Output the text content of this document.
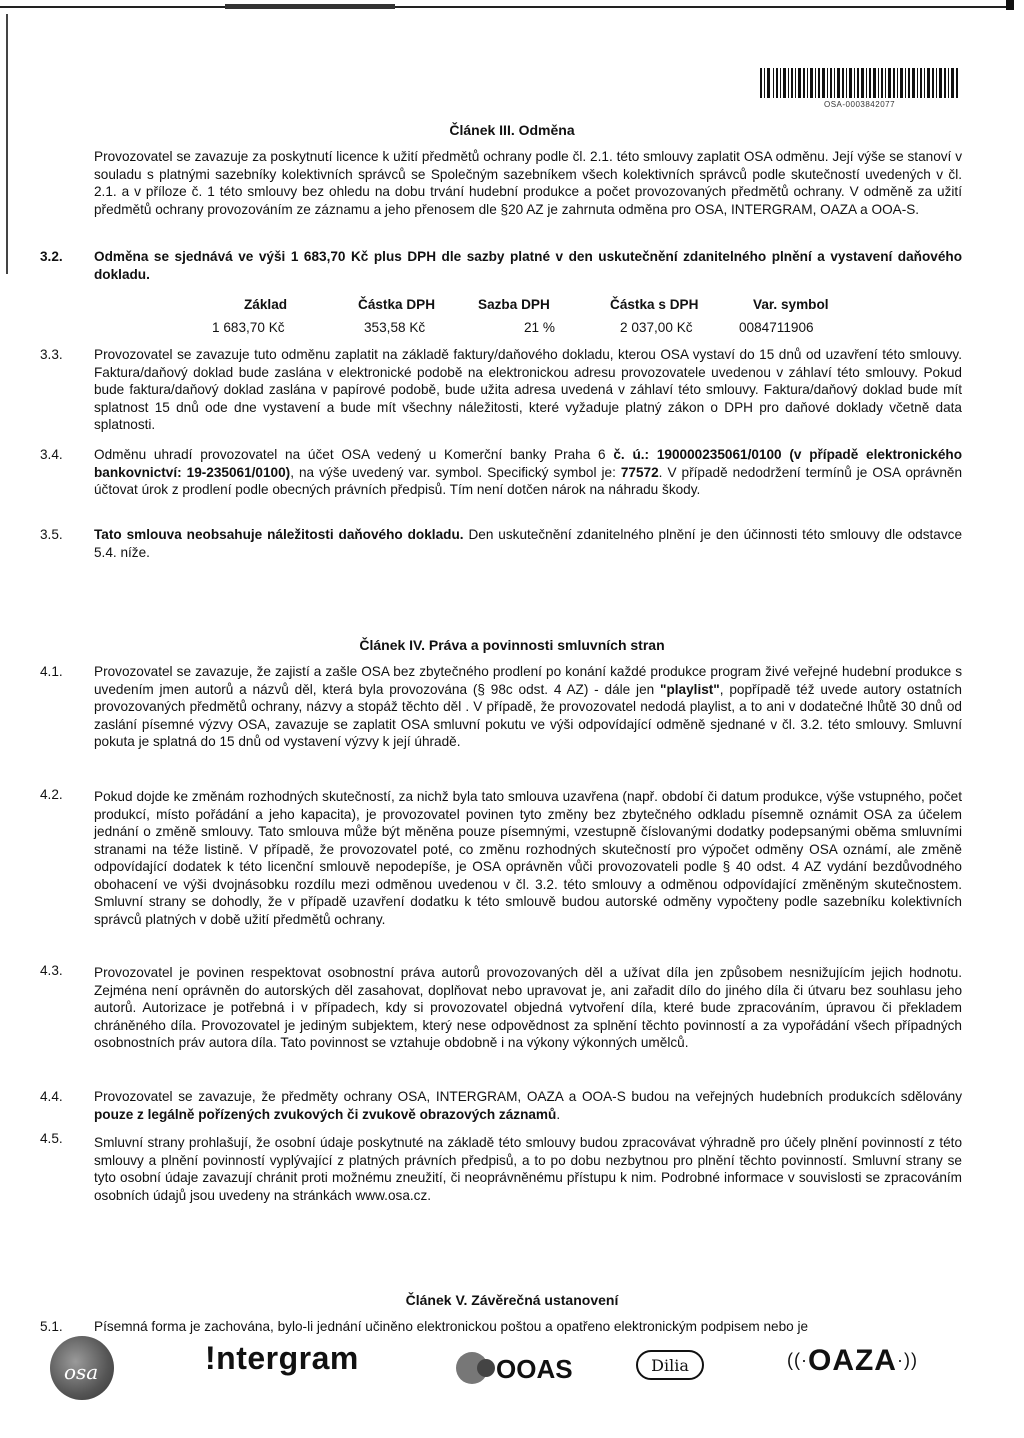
OSA-0003842077
Článek III. Odměna
Provozovatel se zavazuje za poskytnutí licence k užití předmětů ochrany podle čl. 2.1. této smlouvy zaplatit OSA odměnu. Její výše se stanoví v souladu s platnými sazebníky kolektivních správců se Společným sazebníkem všech kolektivních správců podle skutečností uvedených v čl. 2.1. a v příloze č. 1 této smlouvy bez ohledu na dobu trvání hudební produkce a počet provozovaných předmětů ochrany. V odměně za užití předmětů ochrany provozováním ze záznamu a jeho přenosem dle §20 AZ je zahrnuta odměna pro OSA, INTERGRAM, OAZA a OOA-S.
3.2. Odměna se sjednává ve výši 1 683,70 Kč plus DPH dle sazby platné v den uskutečnění zdanitelného plnění a vystavení daňového dokladu.
Základ	Částka DPH	Sazba DPH	Částka s DPH	Var. symbol
1 683,70 Kč	353,58 Kč	21 %	2 037,00 Kč	0084711906
3.3. Provozovatel se zavazuje tuto odměnu zaplatit na základě faktury/daňového dokladu, kterou OSA vystaví do 15 dnů od uzavření této smlouvy. Faktura/daňový doklad bude zaslána v elektronické podobě na elektronickou adresu provozovatele uvedenou v záhlaví této smlouvy. Pokud bude faktura/daňový doklad zaslána v papírové podobě, bude užita adresa uvedená v záhlaví této smlouvy. Faktura/daňový doklad bude mít splatnost 15 dnů ode dne vystavení a bude mít všechny náležitosti, které vyžaduje platný zákon o DPH pro daňové doklady včetně data splatnosti.
3.4. Odměnu uhradí provozovatel na účet OSA vedený u Komerční banky Praha 6 č. ú.: 190000235061/0100 (v případě elektronického bankovnictví: 19-235061/0100), na výše uvedený var. symbol. Specifický symbol je: 77572. V případě nedodržení termínů je OSA oprávněn účtovat úrok z prodlení podle obecných právních předpisů. Tím není dotčen nárok na náhradu škody.
3.5. Tato smlouva neobsahuje náležitosti daňového dokladu. Den uskutečnění zdanitelného plnění je den účinnosti této smlouvy dle odstavce 5.4. níže.
Článek IV. Práva a povinnosti smluvních stran
4.1. Provozovatel se zavazuje, že zajistí a zašle OSA bez zbytečného prodlení po konání každé produkce program živé veřejné hudební produkce s uvedením jmen autorů a názvů děl, která byla provozována (§ 98c odst. 4 AZ) - dále jen "playlist", popřípadě též uvede autory ostatních provozovaných předmětů ochrany, názvy a stopáž těchto děl . V případě, že provozovatel nedodá playlist, a to ani v dodatečné lhůtě 30 dnů od zaslání písemné výzvy OSA, zavazuje se zaplatit OSA smluvní pokutu ve výši odpovídající odměně sjednané v čl. 3.2. této smlouvy. Smluvní pokuta je splatná do 15 dnů od vystavení výzvy k její úhradě.
4.2. Pokud dojde ke změnám rozhodných skutečností, za nichž byla tato smlouva uzavřena (např. období či datum produkce, výše vstupného, počet produkcí, místo pořádání a jeho kapacita), je provozovatel povinen tyto změny bez zbytečného odkladu písemně oznámit OSA za účelem jednání o změně smlouvy. Tato smlouva může být měněna pouze písemnými, vzestupně číslovanými dodatky podepsanými oběma smluvními stranami na téže listině. V případě, že provozovatel poté, co změnu rozhodných skutečností pro výpočet odměny OSA oznámí, ale změně odpovídající dodatek k této licenční smlouvě nepodepíše, je OSA oprávněn vůči provozovateli podle § 40 odst. 4 AZ vydání bezdůvodného obohacení ve výši dvojnásobku rozdílu mezi odměnou uvedenou v čl. 3.2. této smlouvy a odměnou odpovídající změněným skutečnostem. Smluvní strany se dohodly, že v případě uzavření dodatku k této smlouvě budou autorské odměny vypočteny podle sazebníku kolektivních správců platných v době užití předmětů ochrany.
4.3. Provozovatel je povinen respektovat osobnostní práva autorů provozovaných děl a užívat díla jen způsobem nesnižujícím jejich hodnotu. Zejména není oprávněn do autorských děl zasahovat, doplňovat nebo upravovat je, ani zařadit dílo do jiného díla či útvaru bez souhlasu jeho autorů. Autorizace je potřebná i v případech, kdy si provozovatel objedná vytvoření díla, které bude zpracováním, úpravou či překladem chráněného díla. Provozovatel je jediným subjektem, který nese odpovědnost za splnění těchto povinností a za vypořádání všech případných osobnostních práv autora díla. Tato povinnost se vztahuje obdobně i na výkony výkonných umělců.
4.4. Provozovatel se zavazuje, že předměty ochrany OSA, INTERGRAM, OAZA a OOA-S budou na veřejných hudebních produkcích sdělovány pouze z legálně pořízených zvukových či zvukově obrazových záznamů.
4.5. Smluvní strany prohlašují, že osobní údaje poskytnuté na základě této smlouvy budou zpracovávat výhradně pro účely plnění povinností z této smlouvy a plnění povinností vyplývající z platných právních předpisů, a to po dobu nezbytnou pro plnění těchto povinností. Smluvní strany se tyto osobní údaje zavazují chránit proti možnému zneužití, či neoprávněnému přístupu k nim. Podrobné informace v souvislosti se zpracováním osobních údajů jsou uvedeny na stránkách www.osa.cz.
Článek V. Závěrečná ustanovení
5.1. Písemná forma je zachována, bylo-li jednání učiněno elektronickou poštou a opatřeno elektronickým podpisem nebo je
osa	!ntergram	OOAS	Dilia	((·OAZA·))
